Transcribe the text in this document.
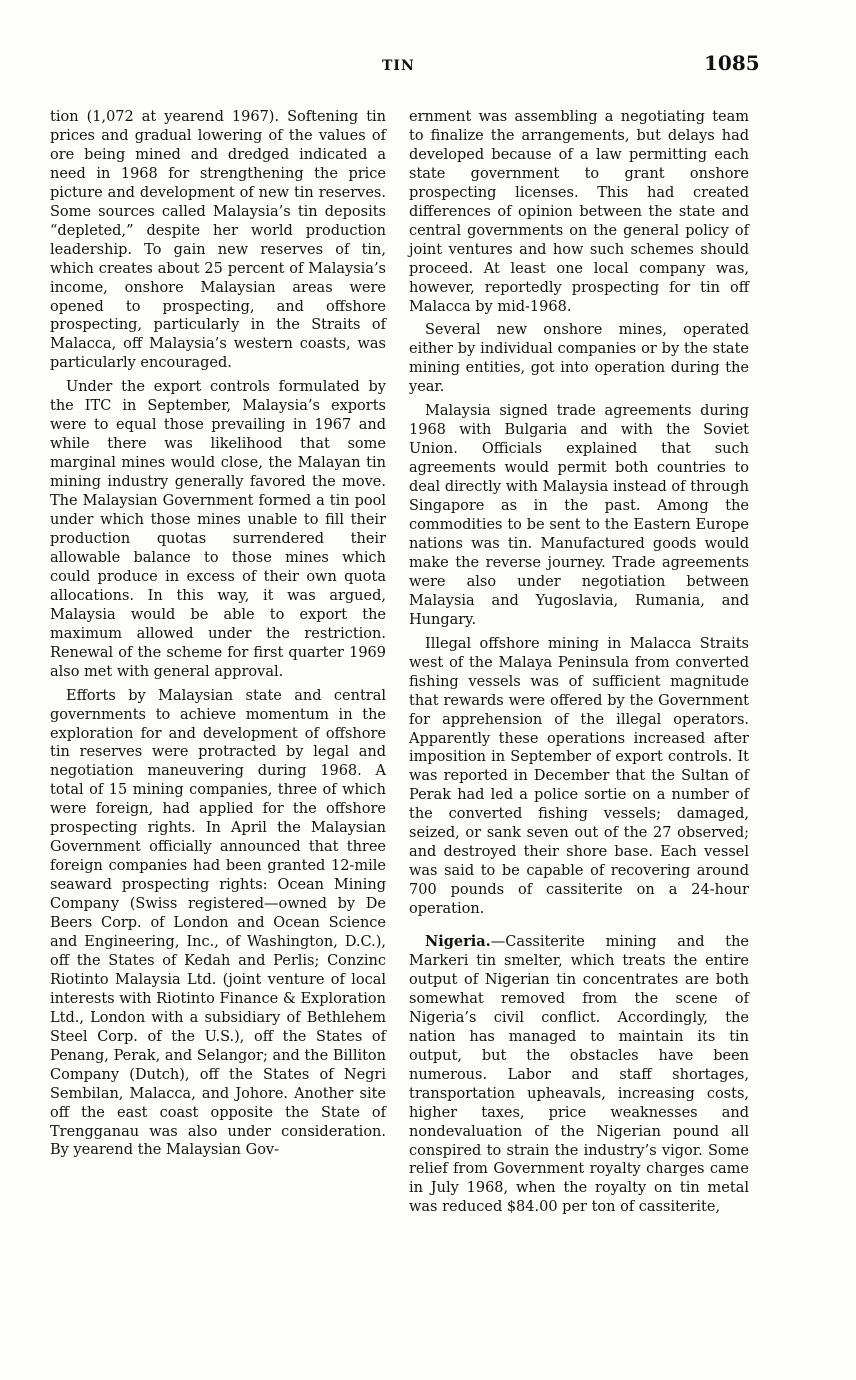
TIN	1085

tion (1,072 at yearend 1967). Softening tin prices and gradual lowering of the values of ore being mined and dredged indicated a need in 1968 for strengthening the price picture and development of new tin reserves. Some sources called Malaysia’s tin deposits “depleted,” despite her world production leadership. To gain new reserves of tin, which creates about 25 percent of Malaysia’s income, onshore Malaysian areas were opened to prospecting, and offshore prospecting, particularly in the Straits of Malacca, off Malaysia’s western coasts, was particularly encouraged.

Under the export controls formulated by the ITC in September, Malaysia’s exports were to equal those prevailing in 1967 and while there was likelihood that some marginal mines would close, the Malayan tin mining industry generally favored the move. The Malaysian Government formed a tin pool under which those mines unable to fill their production quotas surrendered their allowable balance to those mines which could produce in excess of their own quota allocations. In this way, it was argued, Malaysia would be able to export the maximum allowed under the restriction. Renewal of the scheme for first quarter 1969 also met with general approval.

Efforts by Malaysian state and central governments to achieve momentum in the exploration for and development of offshore tin reserves were protracted by legal and negotiation maneuvering during 1968. A total of 15 mining companies, three of which were foreign, had applied for the offshore prospecting rights. In April the Malaysian Government officially announced that three foreign companies had been granted 12-mile seaward prospecting rights: Ocean Mining Company (Swiss registered—owned by De Beers Corp. of London and Ocean Science and Engineering, Inc., of Washington, D.C.), off the States of Kedah and Perlis; Conzinc Riotinto Malaysia Ltd. (joint venture of local interests with Riotinto Finance & Exploration Ltd., London with a subsidiary of Bethlehem Steel Corp. of the U.S.), off the States of Penang, Perak, and Selangor; and the Billiton Company (Dutch), off the States of Negri Sembilan, Malacca, and Johore. Another site off the east coast opposite the State of Trengganau was also under consideration. By yearend the Malaysian Gov-

ernment was assembling a negotiating team to finalize the arrangements, but delays had developed because of a law permitting each state government to grant onshore prospecting licenses. This had created differences of opinion between the state and central governments on the general policy of joint ventures and how such schemes should proceed. At least one local company was, however, reportedly prospecting for tin off Malacca by mid-1968.

Several new onshore mines, operated either by individual companies or by the state mining entities, got into operation during the year.

Malaysia signed trade agreements during 1968 with Bulgaria and with the Soviet Union. Officials explained that such agreements would permit both countries to deal directly with Malaysia instead of through Singapore as in the past. Among the commodities to be sent to the Eastern Europe nations was tin. Manufactured goods would make the reverse journey. Trade agreements were also under negotiation between Malaysia and Yugoslavia, Rumania, and Hungary.

Illegal offshore mining in Malacca Straits west of the Malaya Peninsula from converted fishing vessels was of sufficient magnitude that rewards were offered by the Government for apprehension of the illegal operators. Apparently these operations increased after imposition in September of export controls. It was reported in December that the Sultan of Perak had led a police sortie on a number of the converted fishing vessels; damaged, seized, or sank seven out of the 27 observed; and destroyed their shore base. Each vessel was said to be capable of recovering around 700 pounds of cassiterite on a 24-hour operation.

Nigeria.—Cassiterite mining and the Markeri tin smelter, which treats the entire output of Nigerian tin concentrates are both somewhat removed from the scene of Nigeria’s civil conflict. Accordingly, the nation has managed to maintain its tin output, but the obstacles have been numerous. Labor and staff shortages, transportation upheavals, increasing costs, higher taxes, price weaknesses and nondevaluation of the Nigerian pound all conspired to strain the industry’s vigor. Some relief from Government royalty charges came in July 1968, when the royalty on tin metal was reduced $84.00 per ton of cassiterite,
